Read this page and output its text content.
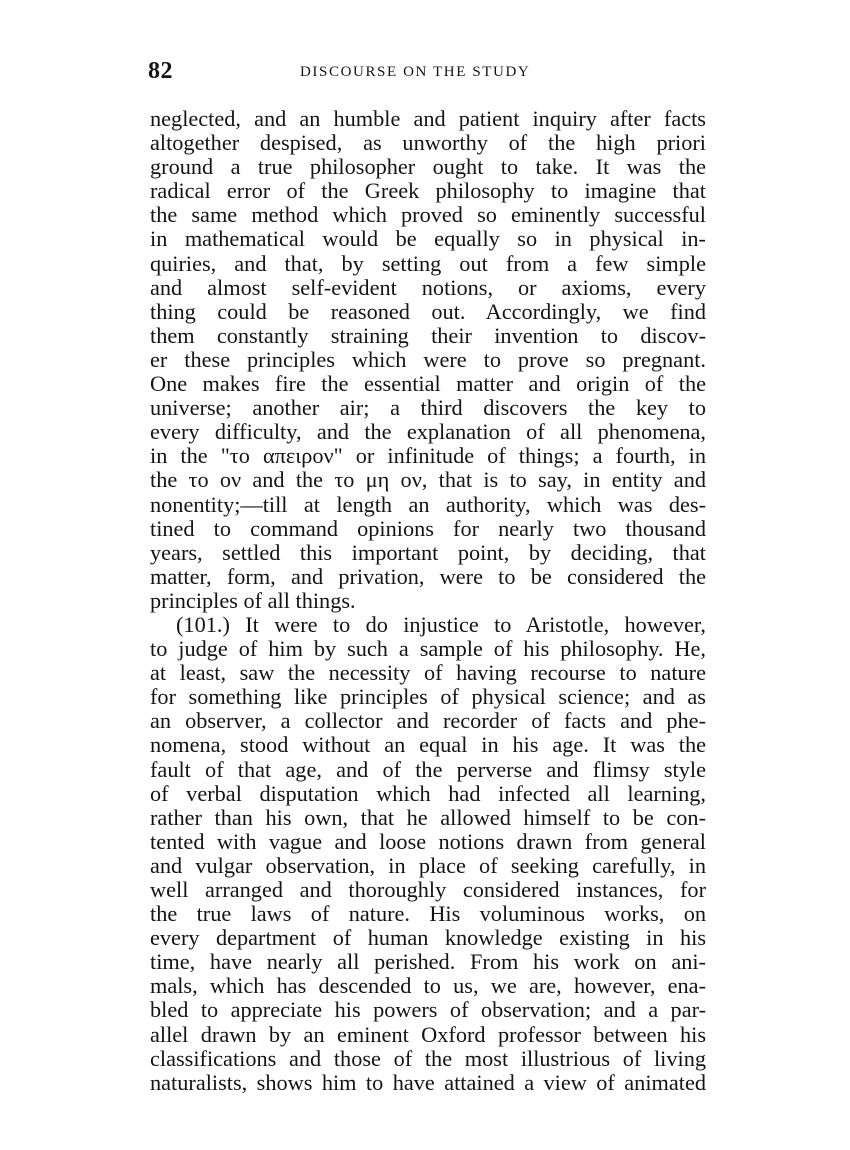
82	DISCOURSE ON THE STUDY
neglected, and an humble and patient inquiry after facts
altogether despised, as unworthy of the high priori
ground a true philosopher ought to take. It was the
radical error of the Greek philosophy to imagine that
the same method which proved so eminently successful
in mathematical would be equally so in physical in-
quiries, and that, by setting out from a few simple
and almost self-evident notions, or axioms, every
thing could be reasoned out. Accordingly, we find
them constantly straining their invention to discov-
er these principles which were to prove so pregnant.
One makes fire the essential matter and origin of the
universe; another air; a third discovers the key to
every difficulty, and the explanation of all phenomena,
in the "το απειρον" or infinitude of things; a fourth, in
the το ον and the το μη ον, that is to say, in entity and
nonentity;—till at length an authority, which was des-
tined to command opinions for nearly two thousand
years, settled this important point, by deciding, that
matter, form, and privation, were to be considered the
principles of all things.
(101.) It were to do injustice to Aristotle, however,
to judge of him by such a sample of his philosophy. He,
at least, saw the necessity of having recourse to nature
for something like principles of physical science; and as
an observer, a collector and recorder of facts and phe-
nomena, stood without an equal in his age. It was the
fault of that age, and of the perverse and flimsy style
of verbal disputation which had infected all learning,
rather than his own, that he allowed himself to be con-
tented with vague and loose notions drawn from general
and vulgar observation, in place of seeking carefully, in
well arranged and thoroughly considered instances, for
the true laws of nature. His voluminous works, on
every department of human knowledge existing in his
time, have nearly all perished. From his work on ani-
mals, which has descended to us, we are, however, ena-
bled to appreciate his powers of observation; and a par-
allel drawn by an eminent Oxford professor between his
classifications and those of the most illustrious of living
naturalists, shows him to have attained a view of animated
